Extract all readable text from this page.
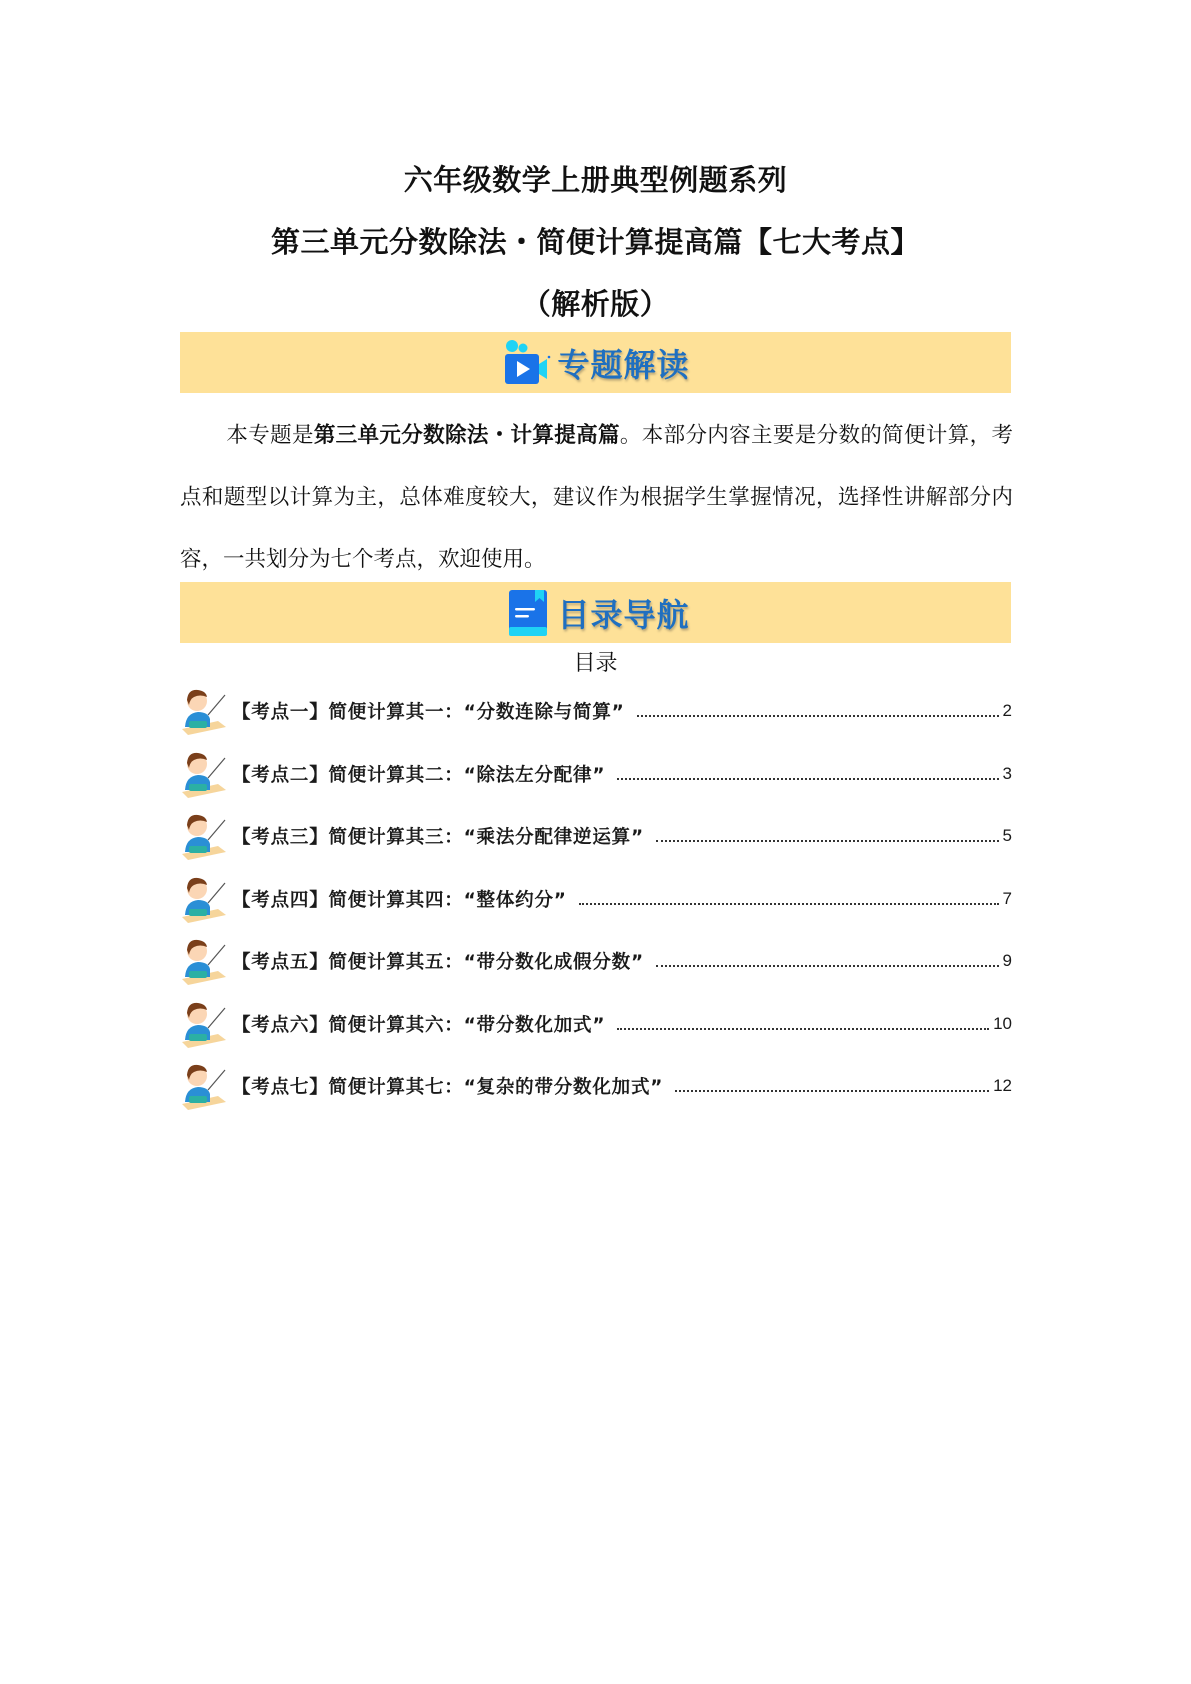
六年级数学上册典型例题系列
第三单元分数除法・简便计算提高篇【七大考点】
（解析版）
专题解读
本专题是第三单元分数除法・计算提高篇。本部分内容主要是分数的简便计算，考点和题型以计算为主，总体难度较大，建议作为根据学生掌握情况，选择性讲解部分内容，一共划分为七个考点，欢迎使用。
目录导航
目录
【考点一】简便计算其一：“分数连除与简算”	2
【考点二】简便计算其二：“除法左分配律”	3
【考点三】简便计算其三：“乘法分配律逆运算”	5
【考点四】简便计算其四：“整体约分”	7
【考点五】简便计算其五：“带分数化成假分数”	9
【考点六】简便计算其六：“带分数化加式”	10
【考点七】简便计算其七：“复杂的带分数化加式”	12
